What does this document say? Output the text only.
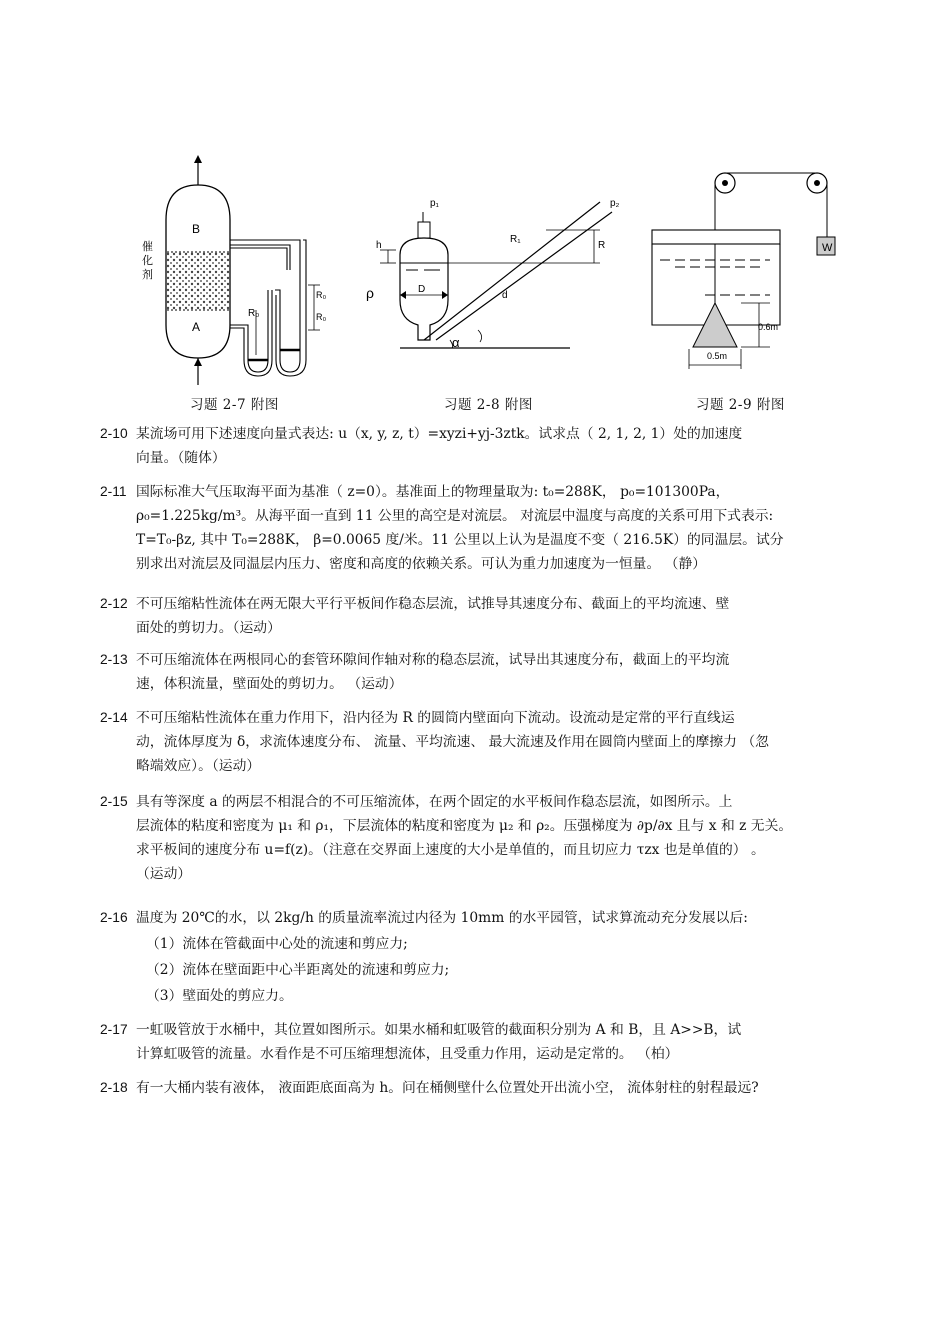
B
A
催
化
剂
R₀
R₀
R₀
习题 2-7 附图
p₁	p₂
h
R₁
R
D
d
ρ
α
习题 2-8 附图
W
0.6m
0.5m
习题 2-9 附图
2-10 某流场可用下述速度向量式表达: u（x, y, z, t）=xyzi+yj-3ztk。试求点（ 2, 1, 2, 1）处的加速度
向量。（随体）
2-11 国际标准大气压取海平面为基准（ z=0）。基准面上的物理量取为: t₀=288K， p₀=101300Pa，
ρ₀=1.225kg/m³。从海平面一直到 11 公里的高空是对流层。 对流层中温度与高度的关系可用下式表示:
T=T₀-βz, 其中 T₀=288K， β=0.0065 度/米。11 公里以上认为是温度不变（ 216.5K）的同温层。试分
别求出对流层及同温层内压力、密度和高度的依赖关系。可认为重力加速度为一恒量。 （静）
2-12 不可压缩粘性流体在两无限大平行平板间作稳态层流，试推导其速度分布、截面上的平均流速、壁
面处的剪切力。（运动）
2-13 不可压缩流体在两根同心的套管环隙间作轴对称的稳态层流，试导出其速度分布，截面上的平均流
速，体积流量，壁面处的剪切力。 （运动）
2-14 不可压缩粘性流体在重力作用下，沿内径为 R 的圆筒内壁面向下流动。设流动是定常的平行直线运
动，流体厚度为 δ，求流体速度分布、 流量、平均流速、 最大流速及作用在圆筒内壁面上的摩擦力 （忽
略端效应）。（运动）
2-15 具有等深度 a 的两层不相混合的不可压缩流体，在两个固定的水平板间作稳态层流，如图所示。上
层流体的粘度和密度为 μ₁ 和 ρ₁，下层流体的粘度和密度为 μ₂ 和 ρ₂。压强梯度为 ∂p/∂x 且与 x 和 z 无关。
求平板间的速度分布 u=f(z)。（注意在交界面上速度的大小是单值的，而且切应力 τzx 也是单值的） 。
（运动）
2-16 温度为 20℃的水，以 2kg/h 的质量流率流过内径为 10mm 的水平园管，试求算流动充分发展以后:
（1）流体在管截面中心处的流速和剪应力;
（2）流体在壁面距中心半距离处的流速和剪应力;
（3）壁面处的剪应力。
2-17 一虹吸管放于水桶中，其位置如图所示。如果水桶和虹吸管的截面积分别为 A 和 B，且 A>>B，试
计算虹吸管的流量。水看作是不可压缩理想流体，且受重力作用，运动是定常的。 （柏）
2-18 有一大桶内装有液体， 液面距底面高为 h。问在桶侧壁什么位置处开出流小空， 流体射柱的射程最远?
